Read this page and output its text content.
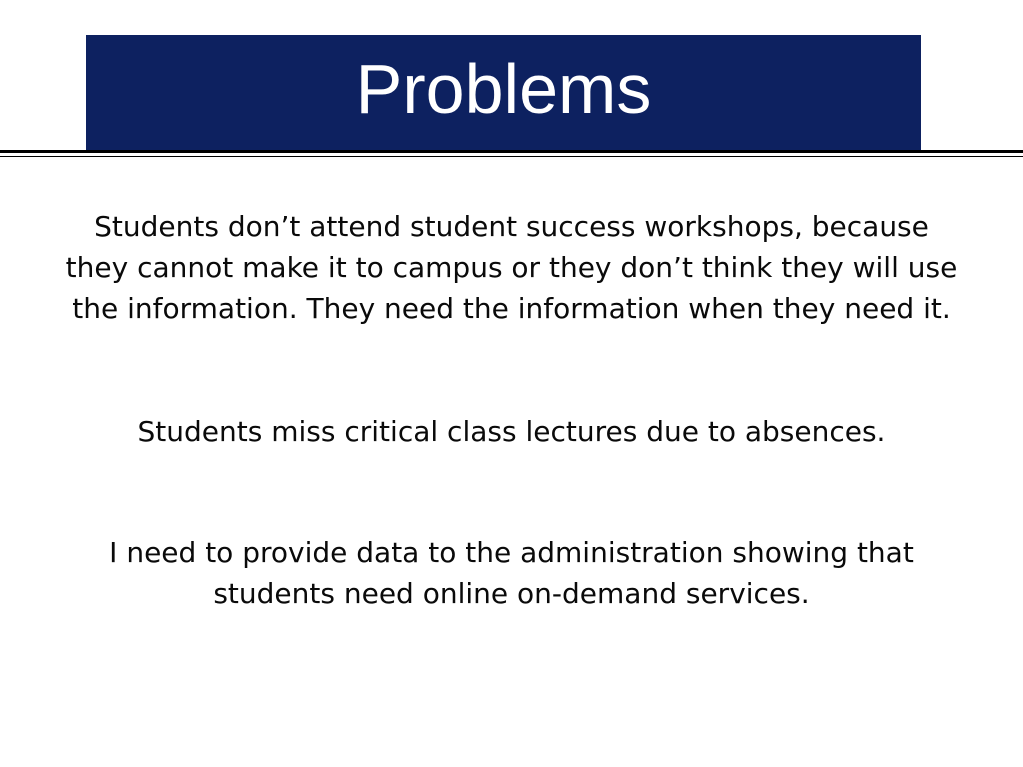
Problems

Students don’t attend student success workshops, because they cannot make it to campus or they don’t think they will use the information. They need the information when they need it.

Students miss critical class lectures due to absences.

I need to provide data to the administration showing that students need online on-demand services.
